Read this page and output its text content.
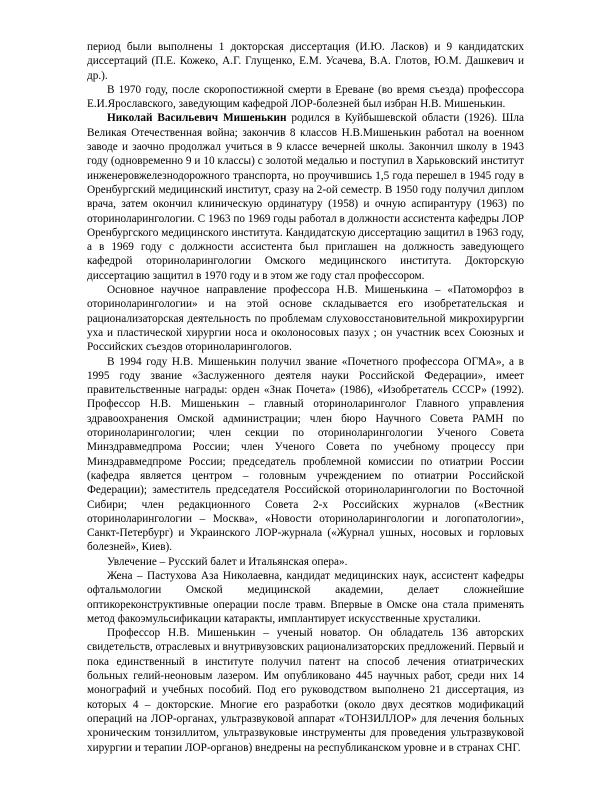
период были выполнены 1 докторская диссертация (И.Ю. Ласков) и 9 кандидатских диссертаций (П.Е. Кожеко, А.Г. Глущенко, Е.М. Усачева, В.А. Глотов, Ю.М. Дашкевич и др.).

В 1970 году, после скоропостижной смерти в Ереване (во время съезда) профессора Е.И.Ярославского, заведующим кафедрой ЛОР-болезней был избран Н.В. Мишенькин.

Николай Васильевич Мишенькин родился в Куйбышевской области (1926). Шла Великая Отечественная война; закончив 8 классов Н.В.Мишенькин работал на военном заводе и заочно продолжал учиться в 9 классе вечерней школы. Закончил школу в 1943 году (одновременно 9 и 10 классы) с золотой медалью и поступил в Харьковский институт инженеровжелезнодорожного транспорта, но проучившись 1,5 года перешел в 1945 году в Оренбургский медицинский институт, сразу на 2-ой семестр. В 1950 году получил диплом врача, затем окончил клиническую ординатуру (1958) и очную аспирантуру (1963) по оториноларингологии. С 1963 по 1969 годы работал в должности ассистента кафедры ЛОР Оренбургского медицинского института. Кандидатскую диссертацию защитил в 1963 году, а в 1969 году с должности ассистента был приглашен на должность заведующего кафедрой оториноларингологии Омского медицинского института. Докторскую диссертацию защитил в 1970 году и в этом же году стал профессором.

Основное научное направление профессора Н.В. Мишенькина – «Патоморфоз в оториноларингологии» и на этой основе складывается его изобретательская и рационализаторская деятельность по проблемам слуховосстановительной микрохирургии уха и пластической хирургии носа и околоносовых пазух ; он участник всех Союзных и Российских съездов оториноларингологов.

В 1994 году Н.В. Мишенькин получил звание «Почетного профессора ОГМА», а в 1995 году звание «Заслуженного деятеля науки Российской Федерации», имеет правительственные награды: орден «Знак Почета» (1986), «Изобретатель СССР» (1992). Профессор Н.В. Мишенькин – главный оториноларинголог Главного управления здравоохранения Омской администрации; член бюро Научного Совета РАМН по оториноларингологии; член секции по оториноларингологии Ученого Совета Минздравмедпрома России; член Ученого Совета по учебному процессу при Минздравмедпроме России; председатель проблемной комиссии по отиатрии России (кафедра является центром – головным учреждением по отиатрии Российской Федерации); заместитель председателя Российской оториноларингологии по Восточной Сибири; член редакционного Совета 2-х Российских журналов («Вестник оториноларингологии – Москва», «Новости оториноларингологии и логопатологии», Санкт-Петербург) и Украинского ЛОР-журнала («Журнал ушных, носовых и горловых болезней», Киев).

Увлечение – Русский балет и Итальянская опера».

Жена – Пастухова Аза Николаевна, кандидат медицинских наук, ассистент кафедры офтальмологии Омской медицинской академии, делает сложнейшие оптикореконструктивные операции после травм. Впервые в Омске она стала применять метод факоэмульсификации катаракты, имплантирует искусственные хрусталики.

Профессор Н.В. Мишенькин – ученый новатор. Он обладатель 136 авторских свидетельств, отраслевых и внутривузовских рационализаторских предложений. Первый и пока единственный в институте получил патент на способ лечения отиатрических больных гелий-неоновым лазером. Им опубликовано 445 научных работ, среди них 14 монографий и учебных пособий. Под его руководством выполнено 21 диссертация, из которых 4 – докторские. Многие его разработки (около двух десятков модификаций операций на ЛОР-органах, ультразвуковой аппарат «ТОНЗИЛЛОР» для лечения больных хроническим тонзиллитом, ультразвуковые инструменты для проведения ультразвуковой хирургии и терапии ЛОР-органов) внедрены на республиканском уровне и в странах СНГ.
